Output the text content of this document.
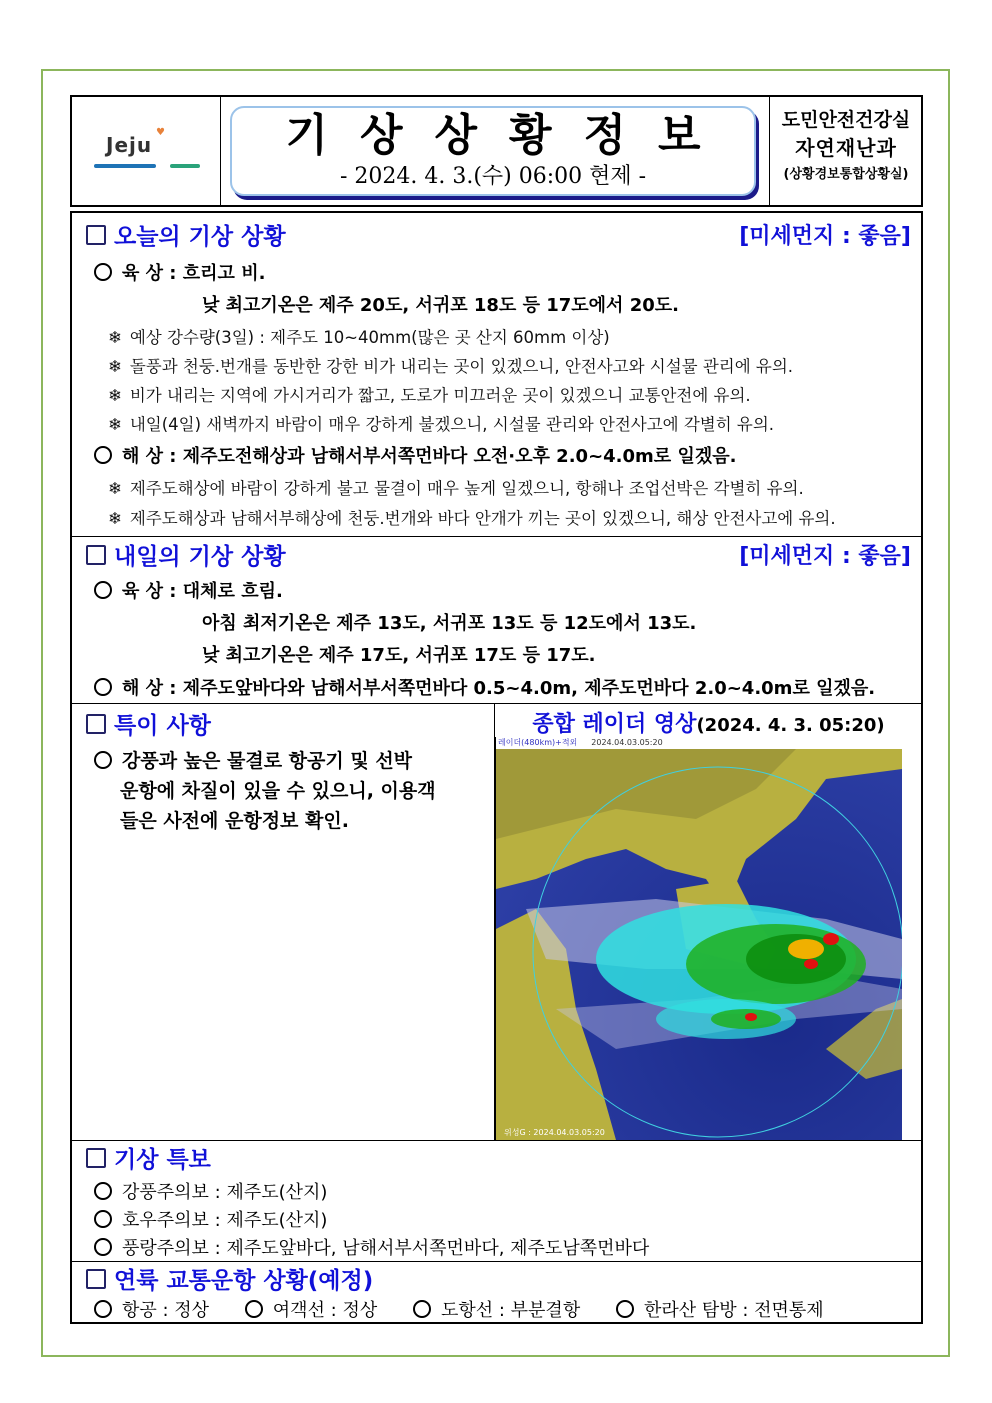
♥
Jeju	기상상황정보
- 2024. 4. 3.(수) 06:00 현제 -
도민안전건강실
자연재난과
(상황경보통합상황실)
오늘의 기상 상황	[미세먼지 : 좋음]
육 상 : 흐리고 비.
낮 최고기온은 제주 20도, 서귀포 18도 등 17도에서 20도.
❄ 예상 강수량(3일) : 제주도 10~40mm(많은 곳 산지 60mm 이상)
❄ 돌풍과 천둥.번개를 동반한 강한 비가 내리는 곳이 있겠으니, 안전사고와 시설물 관리에 유의.
❄ 비가 내리는 지역에 가시거리가 짧고, 도로가 미끄러운 곳이 있겠으니 교통안전에 유의.
❄ 내일(4일) 새벽까지 바람이 매우 강하게 불겠으니, 시설물 관리와 안전사고에 각별히 유의.
해 상 : 제주도전해상과 남해서부서쪽먼바다 오전·오후 2.0~4.0m로 일겠음.
❄ 제주도해상에 바람이 강하게 불고 물결이 매우 높게 일겠으니, 항해나 조업선박은 각별히 유의.
❄ 제주도해상과 남해서부해상에 천둥.번개와 바다 안개가 끼는 곳이 있겠으니, 해상 안전사고에 유의.
내일의 기상 상황	[미세먼지 : 좋음]
육 상 : 대체로 흐림.
아침 최저기온은 제주 13도, 서귀포 13도 등 12도에서 13도.
낮 최고기온은 제주 17도, 서귀포 17도 등 17도.
해 상 : 제주도앞바다와 남해서부서쪽먼바다 0.5~4.0m, 제주도먼바다 2.0~4.0m로 일겠음.
특이 사항
강풍과 높은 물결로 항공기 및 선박
운항에 차질이 있을 수 있으니, 이용객
들은 사전에 운항정보 확인.
종합 레이더 영상(2024. 4. 3. 05:20)
레이더(480km)+적외 2024.04.03.05:20
위성G : 2024.04.03.05:20
레이더
mm/h
60
30
10
5
2
1
낙뢰
기상 특보
강풍주의보 : 제주도(산지)
호우주의보 : 제주도(산지)
풍랑주의보 : 제주도앞바다, 남해서부서쪽먼바다, 제주도남쪽먼바다
연륙 교통운항 상황(예정)
항공 : 정상	여객선 : 정상	도항선 : 부분결항	한라산 탐방 : 전면통제
